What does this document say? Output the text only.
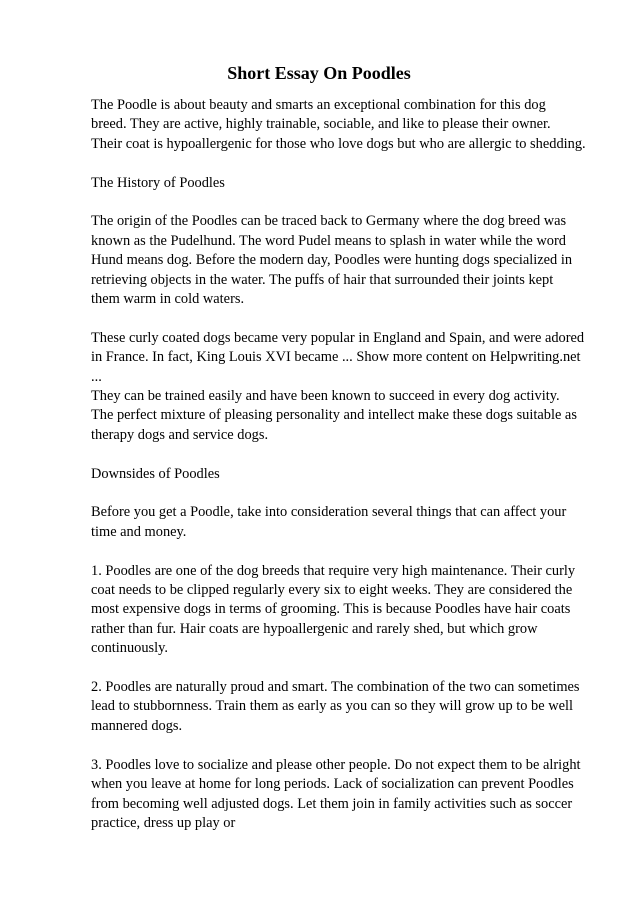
Short Essay On Poodles

The Poodle is about beauty and smarts an exceptional combination for this dog
breed. They are active, highly trainable, sociable, and like to please their owner.
Their coat is hypoallergenic for those who love dogs but who are allergic to shedding.

The History of Poodles

The origin of the Poodles can be traced back to Germany where the dog breed was
known as the Pudelhund. The word Pudel means to splash in water while the word
Hund means dog. Before the modern day, Poodles were hunting dogs specialized in
retrieving objects in the water. The puffs of hair that surrounded their joints kept
them warm in cold waters.

These curly coated dogs became very popular in England and Spain, and were adored
in France. In fact, King Louis XVI became ... Show more content on Helpwriting.net
...
They can be trained easily and have been known to succeed in every dog activity.
The perfect mixture of pleasing personality and intellect make these dogs suitable as
therapy dogs and service dogs.

Downsides of Poodles

Before you get a Poodle, take into consideration several things that can affect your
time and money.

1. Poodles are one of the dog breeds that require very high maintenance. Their curly
coat needs to be clipped regularly every six to eight weeks. They are considered the
most expensive dogs in terms of grooming. This is because Poodles have hair coats
rather than fur. Hair coats are hypoallergenic and rarely shed, but which grow
continuously.

2. Poodles are naturally proud and smart. The combination of the two can sometimes
lead to stubbornness. Train them as early as you can so they will grow up to be well
mannered dogs.

3. Poodles love to socialize and please other people. Do not expect them to be alright
when you leave at home for long periods. Lack of socialization can prevent Poodles
from becoming well adjusted dogs. Let them join in family activities such as soccer
practice, dress up play or
